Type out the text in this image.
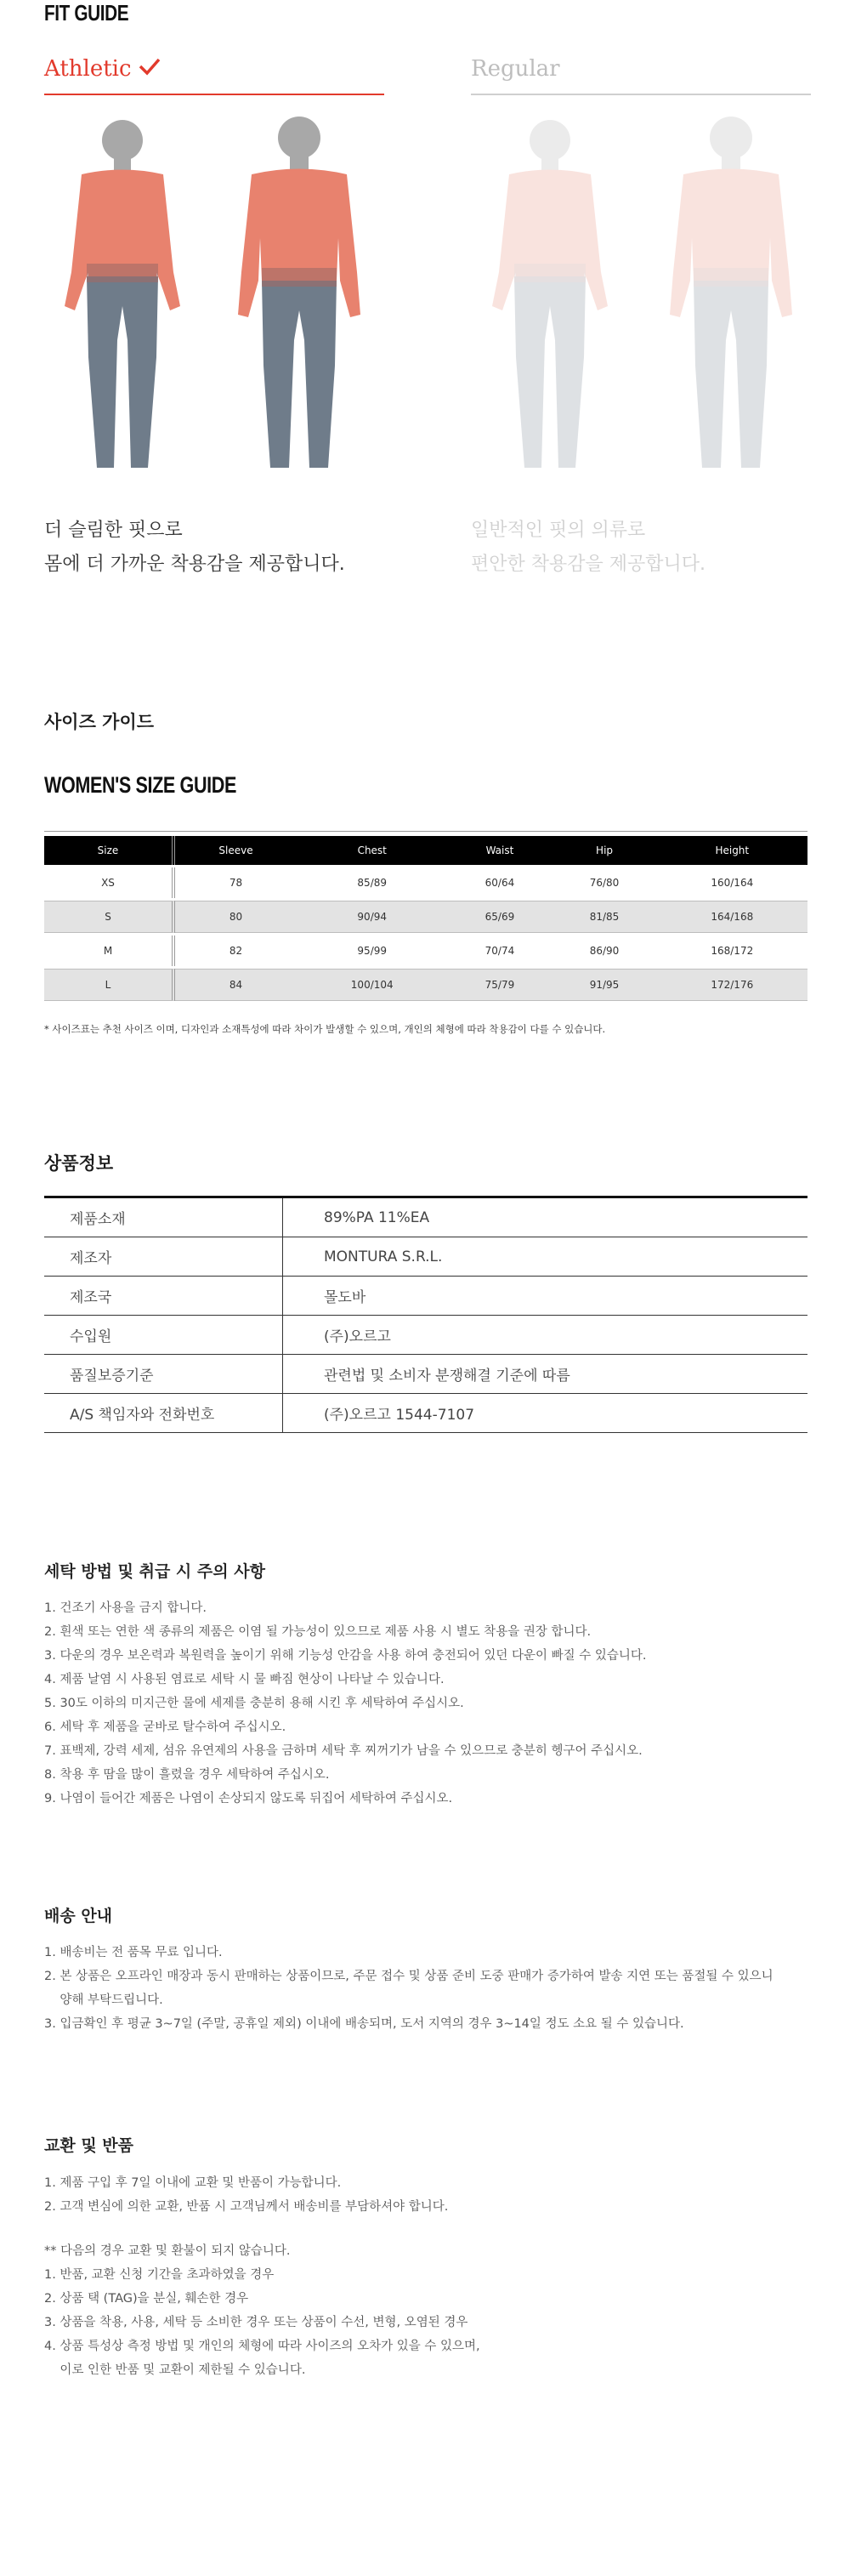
FIT GUIDE
Athletic	Regular
더 슬림한 핏으로
몸에 더 가까운 착용감을 제공합니다.
일반적인 핏의 의류로
편안한 착용감을 제공합니다.
사이즈 가이드
WOMEN'S SIZE GUIDE
Size	Sleeve	Chest	Waist	Hip	Height
XS	78	85/89	60/64	76/80	160/164
S	80	90/94	65/69	81/85	164/168
M	82	95/99	70/74	86/90	168/172
L	84	100/104	75/79	91/95	172/176
* 사이즈표는 추천 사이즈 이며, 디자인과 소재특성에 따라 차이가 발생할 수 있으며, 개인의 체형에 따라 착용감이 다를 수 있습니다.
상품정보
제품소재	89%PA 11%EA
제조자	MONTURA S.R.L.
제조국	몰도바
수입원	(주)오르고
품질보증기준	관련법 및 소비자 분쟁해결 기준에 따름
A/S 책임자와 전화번호	(주)오르고 1544-7107
세탁 방법 및 취급 시 주의 사항
1. 건조기 사용을 금지 합니다.
2. 흰색 또는 연한 색 종류의 제품은 이염 될 가능성이 있으므로 제품 사용 시 별도 착용을 권장 합니다.
3. 다운의 경우 보온력과 복원력을 높이기 위해 기능성 안감을 사용 하여 충전되어 있던 다운이 빠질 수 있습니다.
4. 제품 날염 시 사용된 염료로 세탁 시 물 빠짐 현상이 나타날 수 있습니다.
5. 30도 이하의 미지근한 물에 세제를 충분히 용해 시킨 후 세탁하여 주십시오.
6. 세탁 후 제품을 굳바로 탈수하여 주십시오.
7. 표백제, 강력 세제, 섬유 유연제의 사용을 금하며 세탁 후 찌꺼기가 남을 수 있으므로 충분히 헹구어 주십시오.
8. 착용 후 땀을 많이 흘렸을 경우 세탁하여 주십시오.
9. 나염이 들어간 제품은 나염이 손상되지 않도록 뒤집어 세탁하여 주십시오.
배송 안내
1. 배송비는 전 품목 무료 입니다.
2. 본 상품은 오프라인 매장과 동시 판매하는 상품이므로, 주문 접수 및 상품 준비 도중 판매가 증가하여 발송 지연 또는 품절될 수 있으니
양해 부탁드립니다.
3. 입금확인 후 평균 3~7일 (주말, 공휴일 제외) 이내에 배송되며, 도서 지역의 경우 3~14일 정도 소요 될 수 있습니다.
교환 및 반품
1. 제품 구입 후 7일 이내에 교환 및 반품이 가능합니다.
2. 고객 변심에 의한 교환, 반품 시 고객님께서 배송비를 부담하셔야 합니다.
** 다음의 경우 교환 및 환불이 되지 않습니다.
1. 반품, 교환 신청 기간을 초과하였을 경우
2. 상품 택 (TAG)을 분실, 훼손한 경우
3. 상품을 착용, 사용, 세탁 등 소비한 경우 또는 상품이 수선, 변형, 오염된 경우
4. 상품 특성상 측정 방법 및 개인의 체형에 따라 사이즈의 오차가 있을 수 있으며,
이로 인한 반품 및 교환이 제한될 수 있습니다.
